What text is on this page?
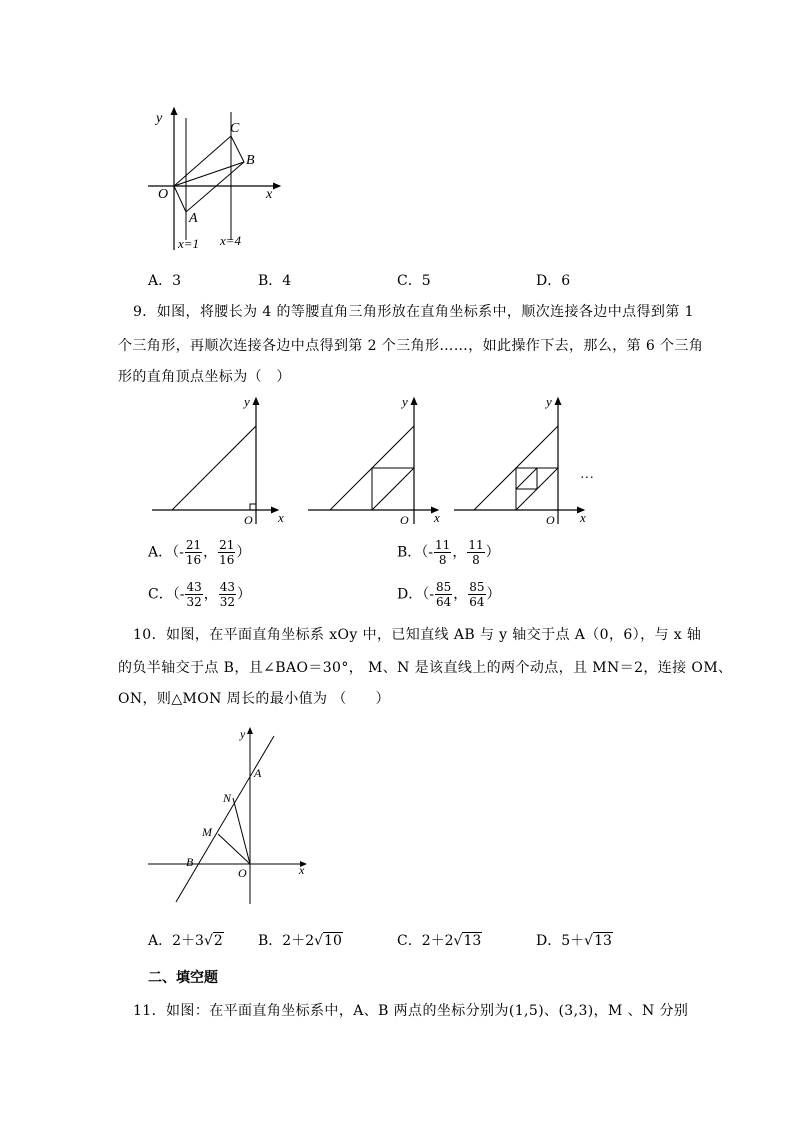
y
x
O
A
B
C
x=1 x=4
A．3	B．4	C．5	D．6
9．如图，将腰长为 4 的等腰直角三角形放在直角坐标系中，顺次连接各边中点得到第 1
个三角形，再顺次连接各边中点得到第 2 个三角形……，如此操作下去，那么，第 6 个三角
形的直角顶点坐标为（　）
y
x
O
y
x
O
y
x
O
···
A．（- $\frac{21}{16}$ ， $\frac{21}{16}$ ）	B．（- $\frac{11}{8}$ ， $\frac{11}{8}$ ）
C．（- $\frac{43}{32}$ ， $\frac{43}{32}$ ）	D．（- $\frac{85}{64}$ ， $\frac{85}{64}$ ）
10．如图，在平面直角坐标系 xOy 中，已知直线 AB 与 y 轴交于点 A（0，6），与 x 轴
的负半轴交于点 B，且∠BAO＝30°， M、N 是该直线上的两个动点，且 MN＝2，连接 OM、
ON，则△MON 周长的最小值为 （　　）
y
x
O
A
B
M
N
A．2＋3√2	B．2＋2√10	C．2＋2√13	D．5＋√13
二、填空题
11．如图：在平面直角坐标系中，A、B 两点的坐标分别为(1,5)、(3,3)，M 、N 分别
